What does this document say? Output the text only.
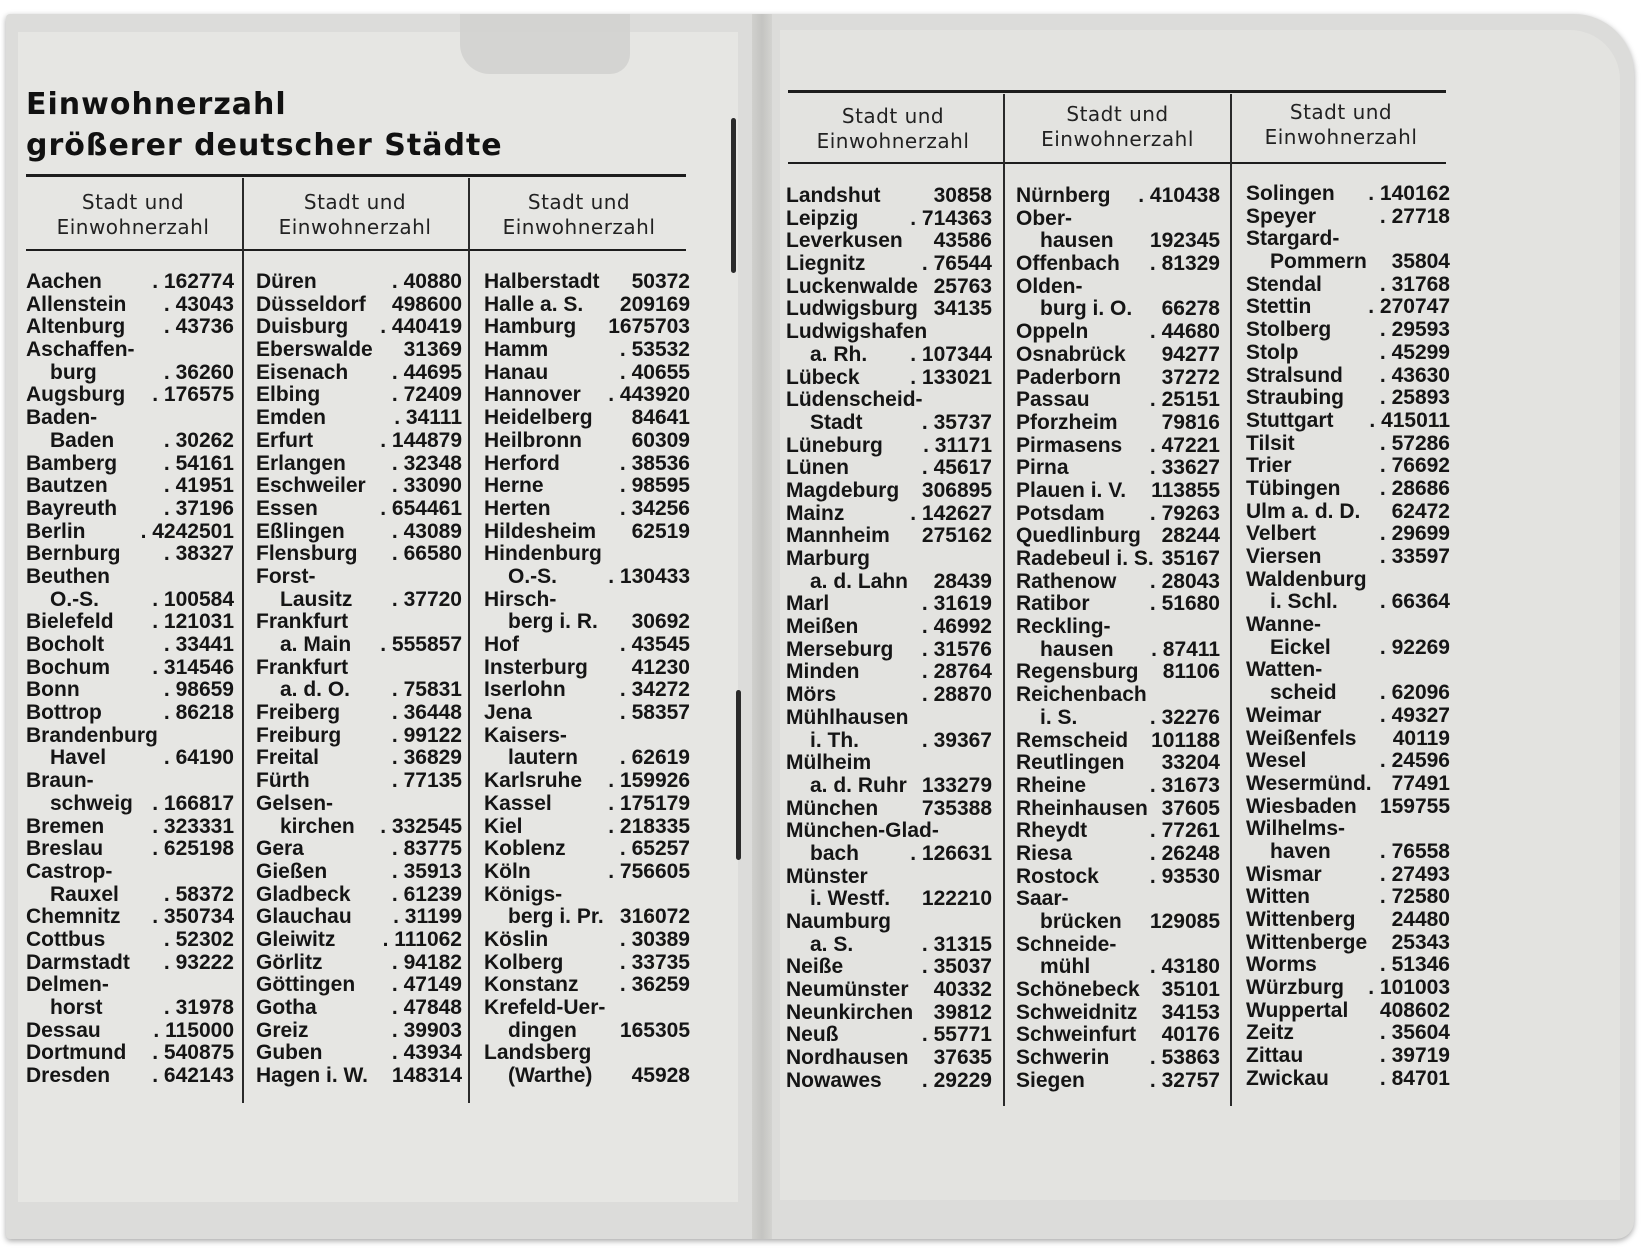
Einwohnerzahl
größerer deutscher Städte
Stadt und
Einwohnerzahl
Stadt und
Einwohnerzahl
Stadt und
Einwohnerzahl
Stadt und
Einwohnerzahl
Stadt und
Einwohnerzahl
Stadt und
Einwohnerzahl
Aachen . 162774
Allenstein . 43043
Altenburg . 43736
Aschaffen-
burg	. 36260
Augsburg . 176575
Baden-
Baden . 30262
Bamberg . 54161
Bautzen	. 41951
Bayreuth . 37196
Berlin	. 4242501
Bernburg . 38327
Beuthen
O.-S.	. 100584
Bielefeld . 121031
Bocholt	. 33441
Bochum . 314546
Bonn	. 98659
Bottrop	. 86218
Brandenburg
Havel	. 64190
Braun-
schweig . 166817
Bremen . 323331
Breslau . 625198
Castrop-
Rauxel . 58372
Chemnitz . 350734
Cottbus	. 52302
Darmstadt . 93222
Delmen-
horst	. 31978
Dessau	. 115000
Dortmund . 540875
Dresden . 642143
Düren	. 40880
Düsseldorf 498600
Duisburg . 440419
Eberswalde 31369
Eisenach . 44695
Elbing	. 72409
Emden	. 34111
Erfurt	. 144879
Erlangen . 32348
Eschweiler . 33090
Essen	. 654461
Eßlingen . 43089
Flensburg . 66580
Forst-
Lausitz . 37720
Frankfurt
a. Main . 555857
Frankfurt
a. d. O. . 75831
Freiberg . 36448
Freiburg . 99122
Freital	. 36829
Fürth	. 77135
Gelsen-
kirchen . 332545
Gera	. 83775
Gießen	. 35913
Gladbeck . 61239
Glauchau . 31199
Gleiwitz . 111062
Görlitz	. 94182
Göttingen . 47149
Gotha	. 47848
Greiz	. 39903
Guben	. 43934
Hagen i. W. 148314
Halberstadt 50372
Halle a. S. 209169
Hamburg 1675703
Hamm	. 53532
Hanau	. 40655
Hannover . 443920
Heidelberg 84641
Heilbronn 60309
Herford	. 38536
Herne	. 98595
Herten	. 34256
Hildesheim 62519
Hindenburg
O.-S. . 130433
Hirsch-
berg i. R. 30692
Hof	. 43545
Insterburg 41230
Iserlohn	. 34272
Jena	. 58357
Kaisers-
lautern . 62619
Karlsruhe . 159926
Kassel	. 175179
Kiel	. 218335
Koblenz	. 65257
Köln	. 756605
Königs-
berg i. Pr. 316072
Köslin	. 30389
Kolberg	. 33735
Konstanz . 36259
Krefeld-Uer-
dingen 165305
Landsberg
(Warthe) 45928
Landshut	30858
Leipzig . 714363
Leverkusen 43586
Liegnitz	. 76544
Luckenwalde 25763
Ludwigsburg 34135
Ludwigshafen
a. Rh. . 107344
Lübeck . 133021
Lüdenscheid-
Stadt	. 35737
Lüneburg . 31171
Lünen	. 45617
Magdeburg 306895
Mainz	. 142627
Mannheim 275162
Marburg
a. d. Lahn 28439
Marl	. 31619
Meißen	. 46992
Merseburg . 31576
Minden	. 28764
Mörs	. 28870
Mühlhausen
i. Th.	. 39367
Mülheim
a. d. Ruhr 133279
München 735388
München-Glad-
bach . 126631
Münster
i. Westf. 122210
Naumburg
a. S.	. 31315
Neiße	. 35037
Neumünster 40332
Neunkirchen 39812
Neuß	. 55771
Nordhausen 37635
Nowawes . 29229
Nürnberg . 410438
Ober-
hausen 192345
Offenbach . 81329
Olden-
burg i. O. 66278
Oppeln	. 44680
Osnabrück 94277
Paderborn 37272
Passau	. 25151
Pforzheim 79816
Pirmasens . 47221
Pirna	. 33627
Plauen i. V. 113855
Potsdam . 79263
Quedlinburg 28244
Radebeul i. S. 35167
Rathenow . 28043
Ratibor	. 51680
Reckling-
hausen . 87411
Regensburg 81106
Reichenbach
i. S.	. 32276
Remscheid 101188
Reutlingen 33204
Rheine	. 31673
Rheinhausen 37605
Rheydt	. 77261
Riesa	. 26248
Rostock . 93530
Saar-
brücken 129085
Schneide-
mühl	. 43180
Schönebeck 35101
Schweidnitz 34153
Schweinfurt 40176
Schwerin . 53863
Siegen	. 32757
Solingen . 140162
Speyer	. 27718
Stargard-
Pommern 35804
Stendal	. 31768
Stettin	. 270747
Stolberg . 29593
Stolp	. 45299
Stralsund . 43630
Straubing . 25893
Stuttgart . 415011
Tilsit	. 57286
Trier	. 76692
Tübingen . 28686
Ulm a. d. D. 62472
Velbert	. 29699
Viersen	. 33597
Waldenburg
i. Schl. . 66364
Wanne-
Eickel . 92269
Watten-
scheid . 62096
Weimar	. 49327
Weißenfels 40119
Wesel	. 24596
Wesermünd. 77491
Wiesbaden 159755
Wilhelms-
haven . 76558
Wismar	. 27493
Witten	. 72580
Wittenberg 24480
Wittenberge 25343
Worms	. 51346
Würzburg . 101003
Wuppertal 408602
Zeitz	. 35604
Zittau	. 39719
Zwickau . 84701
